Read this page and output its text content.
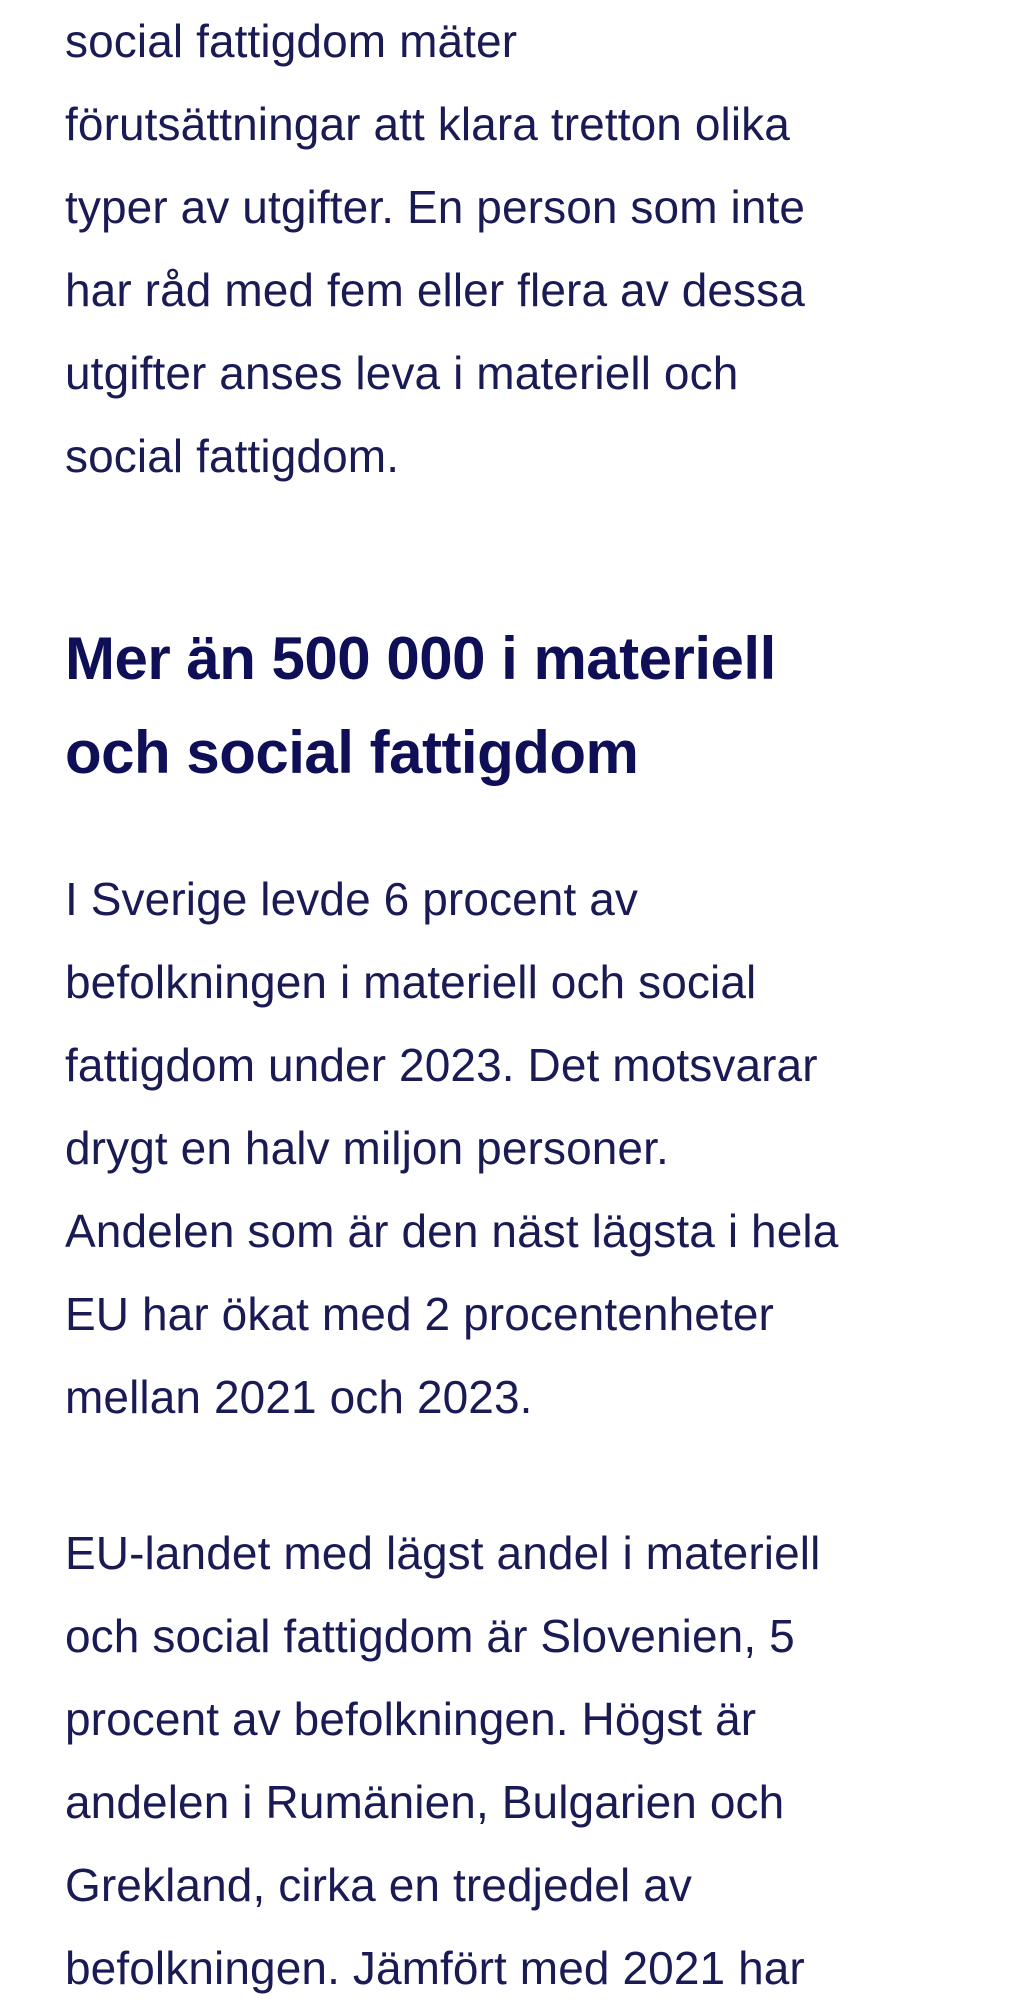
social fattigdom mäter
förutsättningar att klara tretton olika
typer av utgifter. En person som inte
har råd med fem eller flera av dessa
utgifter anses leva i materiell och
social fattigdom.

Mer än 500 000 i materiell
och social fattigdom

I Sverige levde 6 procent av
befolkningen i materiell och social
fattigdom under 2023. Det motsvarar
drygt en halv miljon personer.
Andelen som är den näst lägsta i hela
EU har ökat med 2 procentenheter
mellan 2021 och 2023.

EU-landet med lägst andel i materiell
och social fattigdom är Slovenien, 5
procent av befolkningen. Högst är
andelen i Rumänien, Bulgarien och
Grekland, cirka en tredjedel av
befolkningen. Jämfört med 2021 har
